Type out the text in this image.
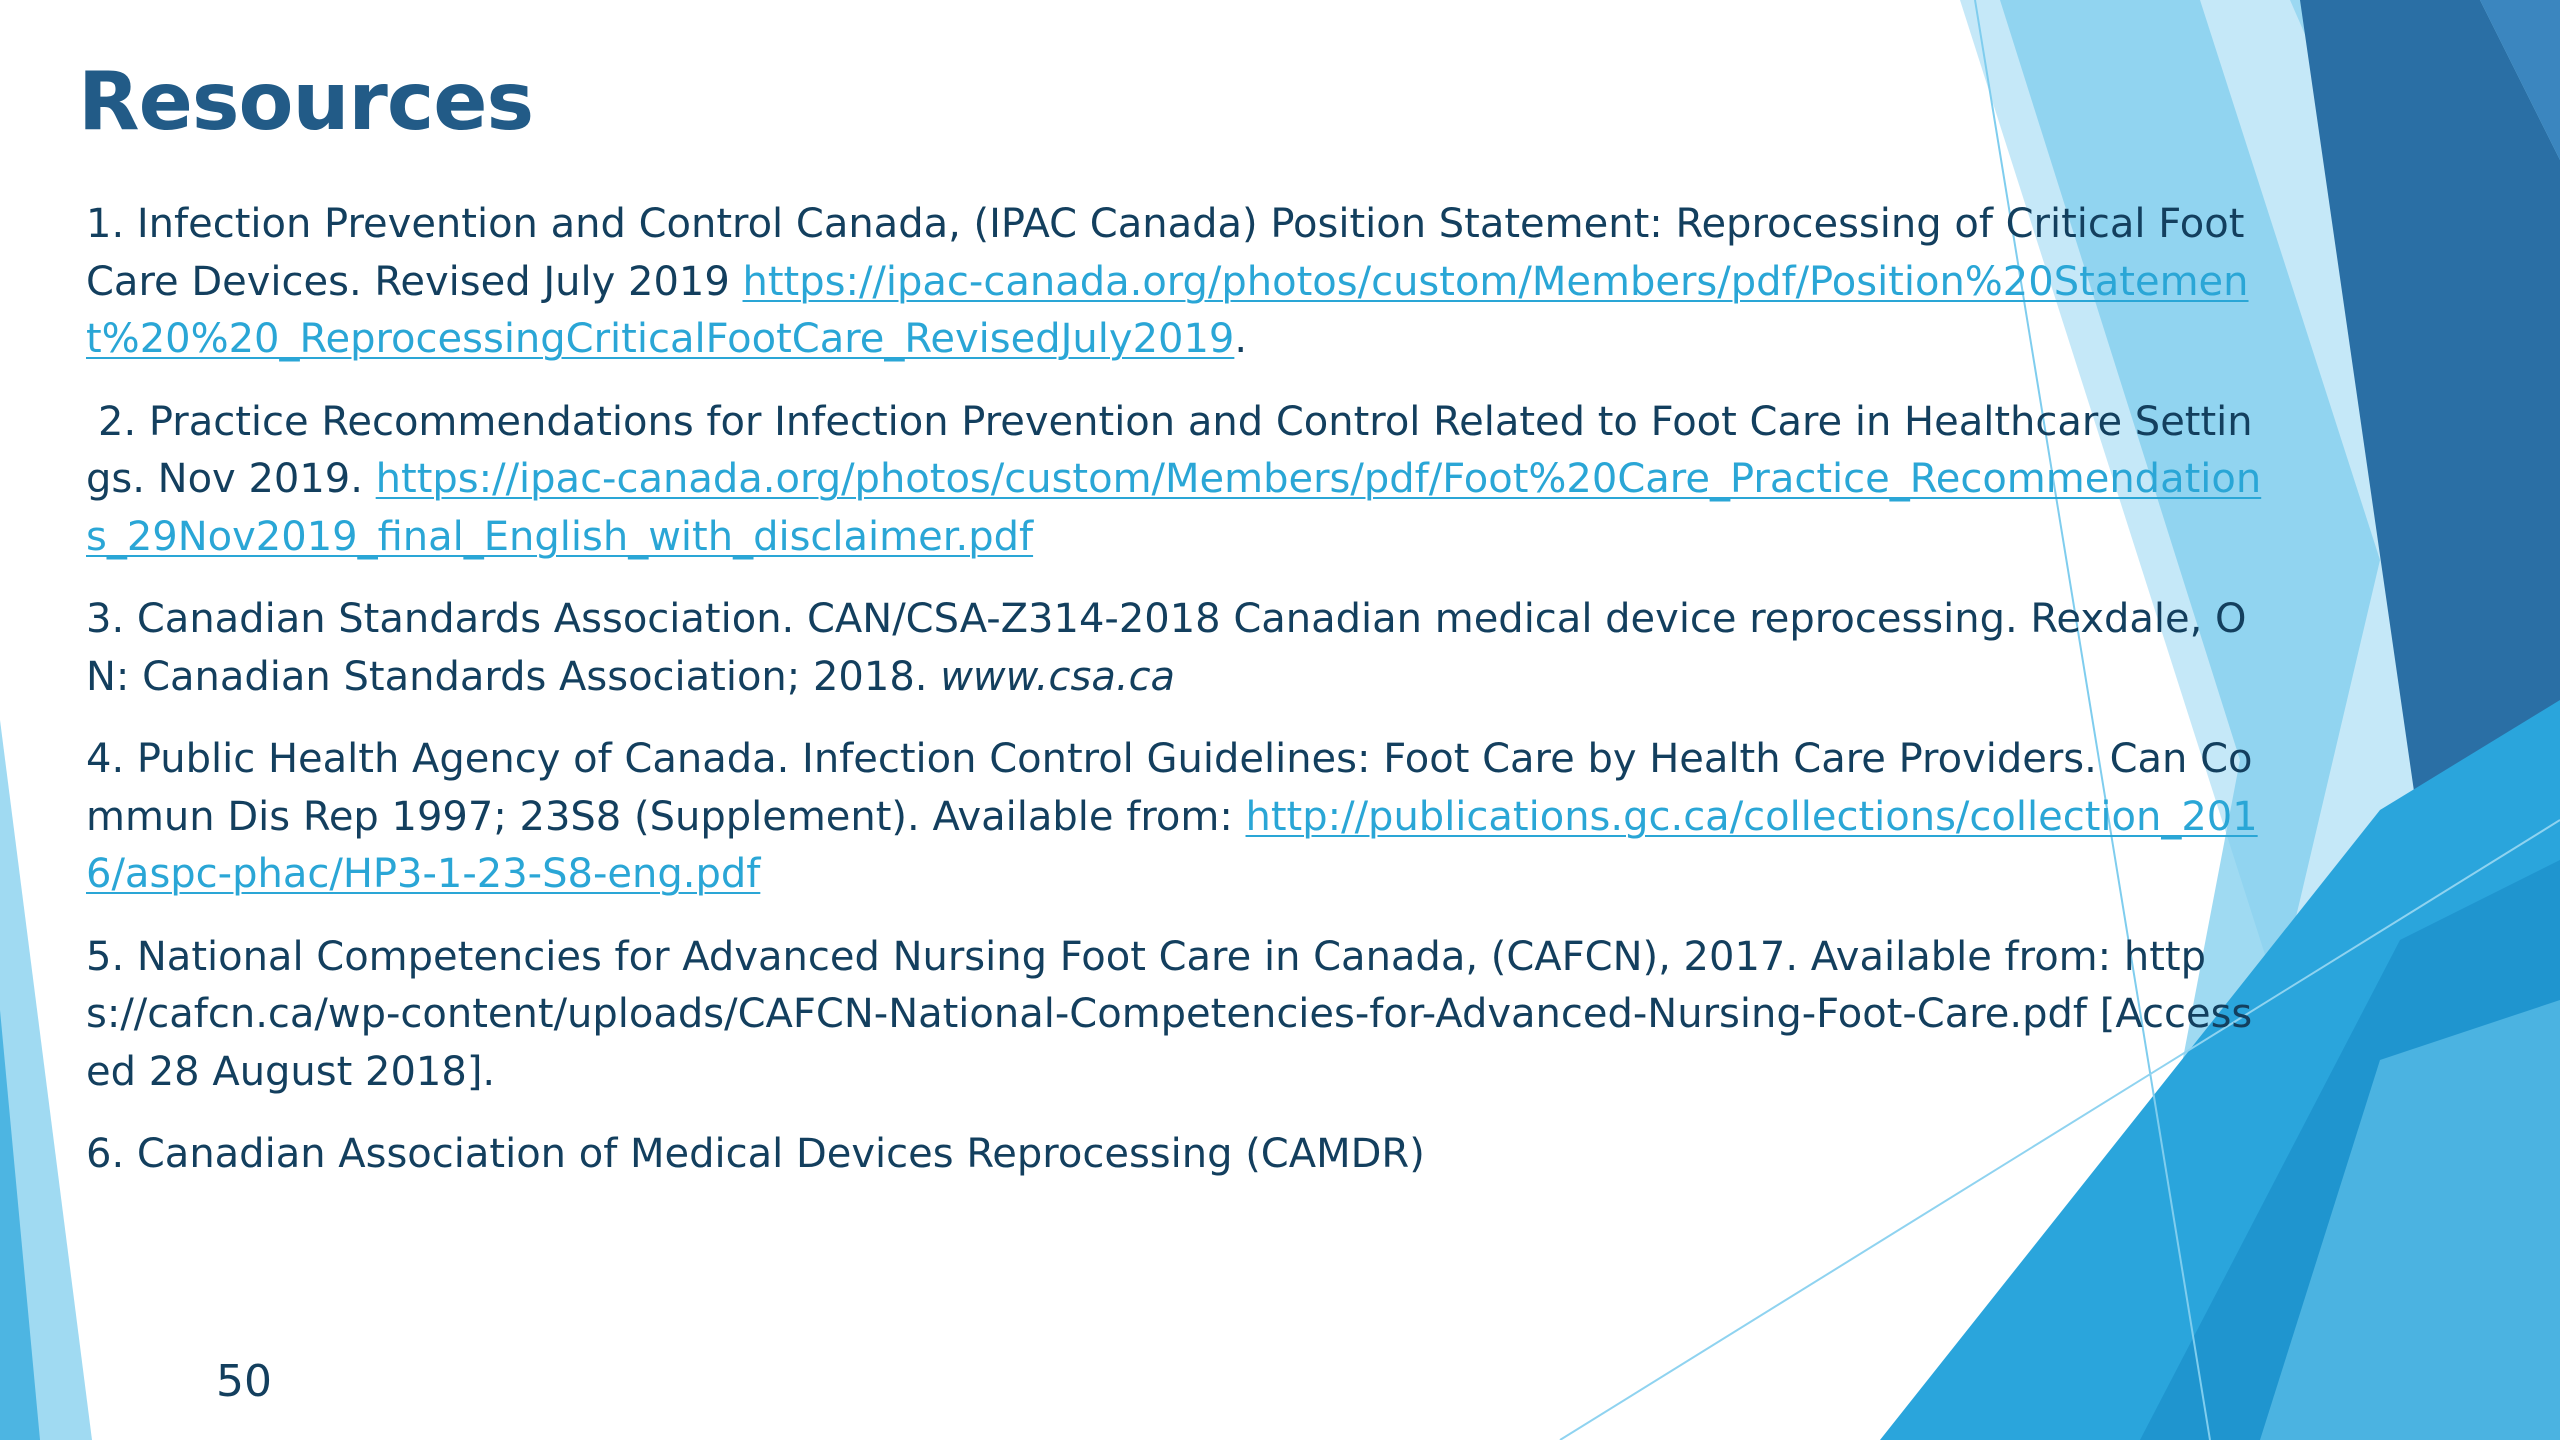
Resources
1. Infection Prevention and Control Canada, (IPAC Canada) Position Statement: Reprocessing of Critical Foot Care Devices. Revised July 2019 https://ipac-canada.org/photos/custom/Members/pdf/Position%20Statement%20%20_ReprocessingCriticalFootCare_RevisedJuly2019.
2. Practice Recommendations for Infection Prevention and Control Related to Foot Care in Healthcare Settings. Nov 2019. https://ipac-canada.org/photos/custom/Members/pdf/Foot%20Care_Practice_Recommendations_29Nov2019_final_English_with_disclaimer.pdf
3. Canadian Standards Association. CAN/CSA-Z314-2018 Canadian medical device reprocessing. Rexdale, ON: Canadian Standards Association; 2018. www.csa.ca
4. Public Health Agency of Canada. Infection Control Guidelines: Foot Care by Health Care Providers. Can Commun Dis Rep 1997; 23S8 (Supplement). Available from: http://publications.gc.ca/collections/collection_2016/aspc-phac/HP3-1-23-S8-eng.pdf
5. National Competencies for Advanced Nursing Foot Care in Canada, (CAFCN), 2017. Available from: https://cafcn.ca/wp-content/uploads/CAFCN-National-Competencies-for-Advanced-Nursing-Foot-Care.pdf [Accessed 28 August 2018].
6. Canadian Association of Medical Devices Reprocessing (CAMDR)
50
